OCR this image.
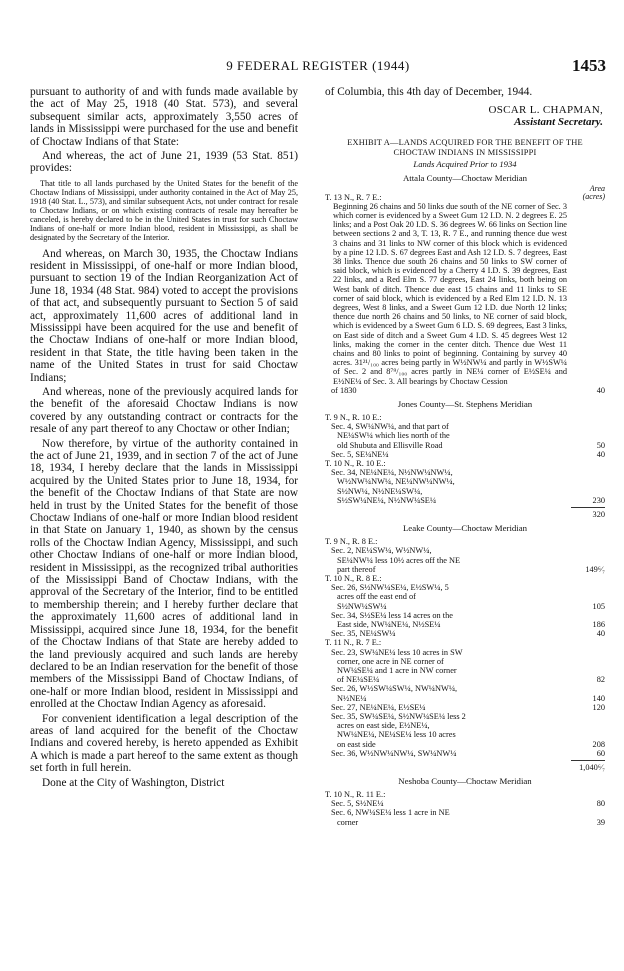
9 FEDERAL REGISTER (1944)	1453

pursuant to authority of and with funds made available by the act of May 25, 1918 (40 Stat. 573), and several subsequent similar acts, approximately 3,550 acres of lands in Mississippi were purchased for the use and benefit of Choctaw Indians of that State:

And whereas, the act of June 21, 1939 (53 Stat. 851) provides:

That title to all lands purchased by the United States for the benefit of the Choctaw Indians of Mississippi, under authority contained in the Act of May 25, 1918 (40 Stat. L., 573), and similar subsequent Acts, not under contract for resale to Choctaw Indians, or on which existing contracts of resale may hereafter be canceled, is hereby declared to be in the United States in trust for such Choctaw Indians of one-half or more Indian blood, resident in Mississippi, as shall be designated by the Secretary of the Interior.

And whereas, on March 30, 1935, the Choctaw Indians resident in Mississippi, of one-half or more Indian blood, pursuant to section 19 of the Indian Reorganization Act of June 18, 1934 (48 Stat. 984) voted to accept the provisions of that act, and subsequently pursuant to Section 5 of said act, approximately 11,600 acres of additional land in Mississippi have been acquired for the use and benefit of the Choctaw Indians of one-half or more Indian blood, resident in that State, the title having been taken in the name of the United States in trust for said Choctaw Indians;

And whereas, none of the previously acquired lands for the benefit of the aforesaid Choctaw Indians is now covered by any outstanding contract or contracts for the resale of any part thereof to any Choctaw or other Indian;

Now therefore, by virtue of the authority contained in the act of June 21, 1939, and in section 7 of the act of June 18, 1934, I hereby declare that the lands in Mississippi acquired by the United States prior to June 18, 1934, for the benefit of the Choctaw Indians of that State are now held in trust by the United States for the benefit of those Choctaw Indians of one-half or more Indian blood resident in that State on January 1, 1940, as shown by the census rolls of the Choctaw Indian Agency, Mississippi, and such other Choctaw Indians of one-half or more Indian blood, resident in Mississippi, as the recognized tribal authorities of the Mississippi Band of Choctaw Indians, with the approval of the Secretary of the Interior, find to be entitled to membership therein; and I hereby further declare that the approximately 11,600 acres of additional land in Mississippi, acquired since June 18, 1934, for the benefit of the Choctaw Indians of that State are hereby added to the land previously acquired and such lands are hereby declared to be an Indian reservation for the benefit of those members of the Mississippi Band of Choctaw Indians, of one-half or more Indian blood, resident in Mississippi and enrolled at the Choctaw Indian Agency as aforesaid.

For convenient identification a legal description of the areas of land acquired for the benefit of the Choctaw Indians and covered hereby, is hereto appended as Exhibit A which is made a part hereof to the same extent as though set forth in full herein.

Done at the City of Washington, District

of Columbia, this 4th day of December, 1944.
OSCAR L. CHAPMAN,
Assistant Secretary.
EXHIBIT A—LANDS ACQUIRED FOR THE BENEFIT OF THE CHOCTAW INDIANS IN MISSISSIPPI
Lands Acquired Prior to 1934
Attala County—Choctaw Meridian
Area
(acres)
T. 13 N., R. 7 E.:
Beginning 26 chains and 50 links due south of the NE corner of Sec. 3 which corner is evidenced by a Sweet Gum 12 I.D. N. 2 degrees E. 25 links; and a Post Oak 20 I.D. S. 36 degrees W. 66 links on Section line between sections 2 and 3, T. 13, R. 7 E., and running thence due west 3 chains and 31 links to NW corner of this block which is evidenced by a pine 12 I.D. S. 67 degrees East and Ash 12 I.D. S. 7 degrees, East 38 links. Thence due south 26 chains and 50 links to SW corner of said block, which is evidenced by a Cherry 4 I.D. S. 39 degrees, East 22 links, and a Red Elm S. 77 degrees, East 24 links, both being on West bank of ditch. Thence due east 15 chains and 11 links to SE corner of said block, which is evidenced by a Red Elm 12 I.D. N. 13 degrees, West 8 links, and a Sweet Gum 12 I.D. due North 12 links; thence due north 26 chains and 50 links, to NE corner of said block, which is evidenced by a Sweet Gum 6 I.D. S. 69 degrees, East 3 links, on East side of ditch and a Sweet Gum 4 I.D. S. 45 degrees West 12 links, making the corner in the center ditch. Thence due West 11 chains and 80 links to point of beginning. Containing by survey 40 acres. 31²¹/₁₀₀ acres being partly in W½NW¼ and partly in W½SW¼ of Sec. 2 and 8⁷⁹/₁₀₀ acres partly in NE¼ corner of E½SE¼ and E½NE¼ of Sec. 3. All bearings by Choctaw Cession
of 1830	40
Jones County—St. Stephens Meridian
T. 9 N., R. 10 E.:
Sec. 4, SW¼NW¼, and that part of
NE¼SW¼ which lies north of the
old Shubuta and Ellisville Road	50
Sec. 5, SE¼NE¼	40
T. 10 N., R. 10 E.:
Sec. 34, NE¼NE¼, N½NW¼NW¼,
W½NW¼NW¼, NE¼NW¼NW¼,
S½NW¼, N½NE¼SW¼,
S½SW¼NE¼, N½NW¼SE¼	230
320
Leake County—Choctaw Meridian
T. 9 N., R. 8 E.:
Sec. 2, NE¼SW¼, W½NW¼,
SE¼NW¼ less 10½ acres off the NE
part thereof	149⁶⁄₇
T. 10 N., R. 8 E.:
Sec. 26, S½NW¼SE¼, E½SW¼, 5
acres off the east end of
S½NW¼SW¼	105
Sec. 34, S½SE¼ less 14 acres on the
East side, NW¼NE¼, N½SE¼	186
Sec. 35, NE¼SW¼	40
T. 11 N., R. 7 E.:
Sec. 23, SW¼NE¼ less 10 acres in SW
corner, one acre in NE corner of
NW¼SE¼ and 1 acre in NW corner
of NE¼SE¼	82
Sec. 26, W½SW¼SW¼, NW¼NW¼,
N½NE¼	140
Sec. 27, NE¼NE¼, E½SE¼	120
Sec. 35, SW¼SE¼, S½NW¼SE¼ less 2
acres on east side, E½NE¼,
NW¼NE¼, NE¼SE¼ less 10 acres
on east side	208
Sec. 36, W½NW¼NW¼, SW¼NW¼	60
1,040⁶⁄₇
Neshoba County—Choctaw Meridian
T. 10 N., R. 11 E.:
Sec. 5, S½NE¼	80
Sec. 6, NW¼SE¼ less 1 acre in NE
corner	39
